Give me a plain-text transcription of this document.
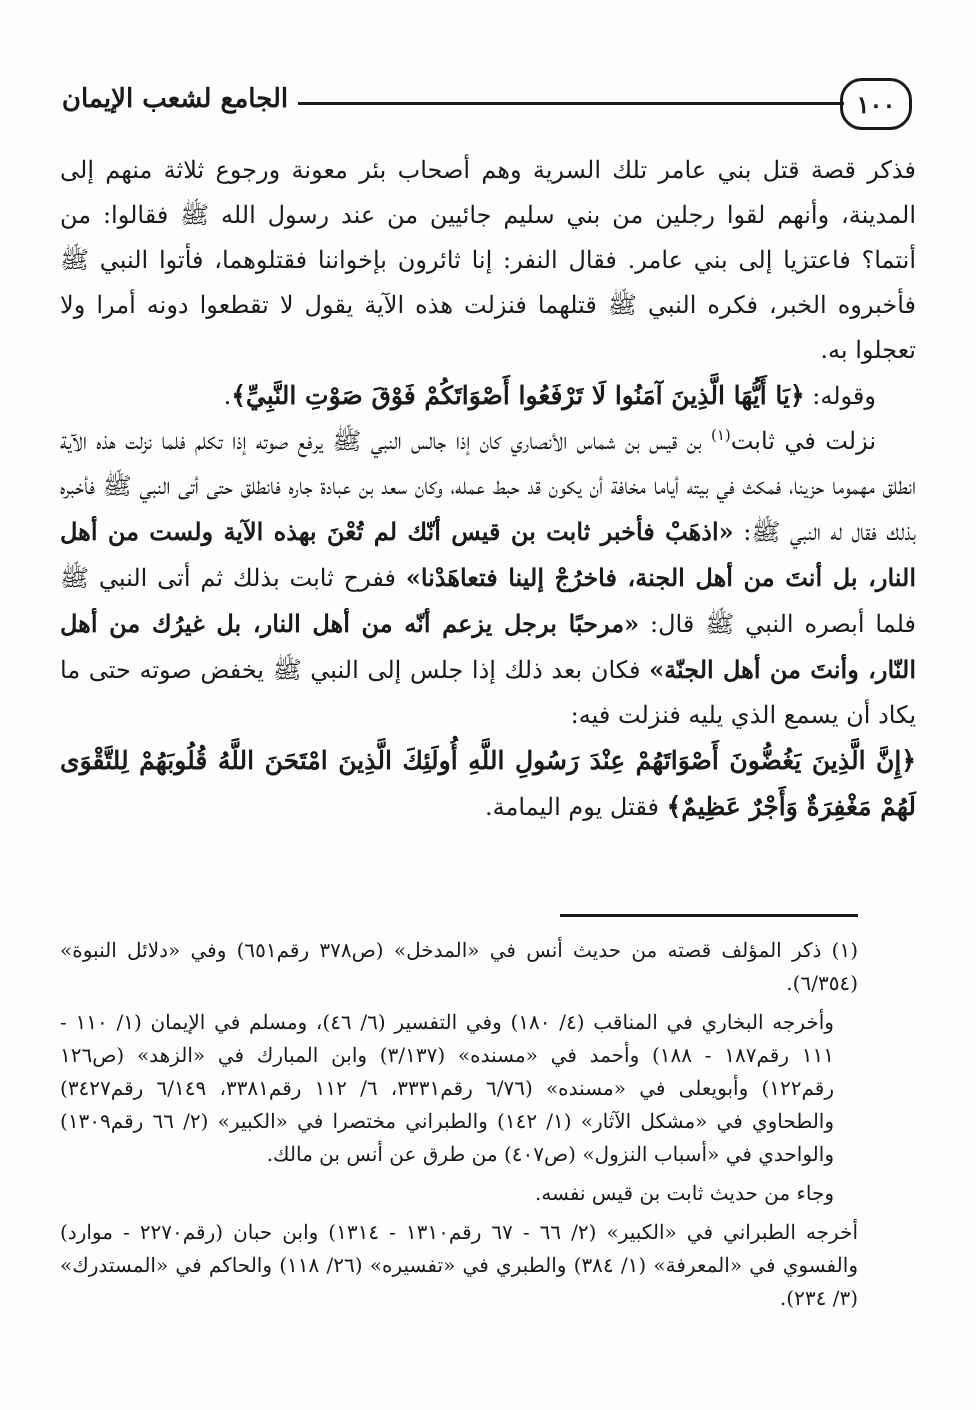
١٠٠
الجامع لشعب الإيمان

فذكر قصة قتل بني عامر تلك السرية وهم أصحاب بئر معونة ورجوع ثلاثة منهم إلى المدينة، وأنهم لقوا رجلين من بني سليم جائيين من عند رسول الله ﷺ فقالوا: من أنتما؟ فاعتزيا إلى بني عامر. فقال النفر: إنا ثائرون بإخواننا فقتلوهما، فأتوا النبي ﷺ فأخبروه الخبر، فكره النبي ﷺ قتلهما فنزلت هذه الآية يقول لا تقطعوا دونه أمرا ولا تعجلوا به.

وقوله: ﴿يَا أَيُّهَا الَّذِينَ آمَنُوا لَا تَرْفَعُوا أَصْوَاتَكُمْ فَوْقَ صَوْتِ النَّبِيِّ﴾.

نزلت في ثابت$^{(١)}$ بن قيس بن شماس الأنصاري كان إذا جالس النبي ﷺ يرفع صوته إذا تكلم فلما نزلت هذه الآية انطلق مهموما حزينا، فمكث في بيته أياما مخافة أن يكون قد حبط عمله، وكان سعد بن عبادة جاره فانطلق حتى أتى النبي ﷺ فأخبره بذلك فقال له النبي ﷺ: «اذهَبْ فأخبر ثابت بن قيس أنّك لم تُعْنَ بهذه الآية ولست من أهل النار، بل أنتَ من أهل الجنة، فاخرُجْ إلينا فتعاهَدْنا» ففرح ثابت بذلك ثم أتى النبي ﷺ فلما أبصره النبي ﷺ قال: «مرحبًا برجل يزعم أنّه من أهل النار، بل غيرُك من أهل النّار، وأنتَ من أهل الجنّة» فكان بعد ذلك إذا جلس إلى النبي ﷺ يخفض صوته حتى ما يكاد أن يسمع الذي يليه فنزلت فيه:

﴿إِنَّ الَّذِينَ يَغُضُّونَ أَصْوَاتَهُمْ عِنْدَ رَسُولِ اللَّهِ أُولَئِكَ الَّذِينَ امْتَحَنَ اللَّهُ قُلُوبَهُمْ لِلتَّقْوَى لَهُمْ مَغْفِرَةٌ وَأَجْرٌ عَظِيمٌ﴾ فقتل يوم اليمامة.

(١) ذكر المؤلف قصته من حديث أنس في «المدخل» (ص٣٧٨ رقم٦٥١) وفي «دلائل النبوة» (٦/٣٥٤).

وأخرجه البخاري في المناقب (٤/ ١٨٠) وفي التفسير (٦/ ٤٦)، ومسلم في الإيمان (١/ ١١٠ - ١١١ رقم١٨٧ - ١٨٨) وأحمد في «مسنده» (٣/١٣٧) وابن المبارك في «الزهد» (ص١٢٦ رقم١٢٢) وأبويعلى في «مسنده» (٦/٧٦ رقم٣٣٣١، ٦/ ١١٢ رقم٣٣٨١، ٦/١٤٩ رقم٣٤٢٧) والطحاوي في «مشكل الآثار» (١/ ١٤٢) والطبراني مختصرا في «الكبير» (٢/ ٦٦ رقم١٣٠٩) والواحدي في «أسباب النزول» (ص٤٠٧) من طرق عن أنس بن مالك.

وجاء من حديث ثابت بن قيس نفسه.

أخرجه الطبراني في «الكبير» (٢/ ٦٦ - ٦٧ رقم١٣١٠ - ١٣١٤) وابن حبان (رقم٢٢٧٠ - موارد) والفسوي في «المعرفة» (١/ ٣٨٤) والطبري في «تفسيره» (٢٦/ ١١٨) والحاكم في «المستدرك» (٣/ ٢٣٤).
